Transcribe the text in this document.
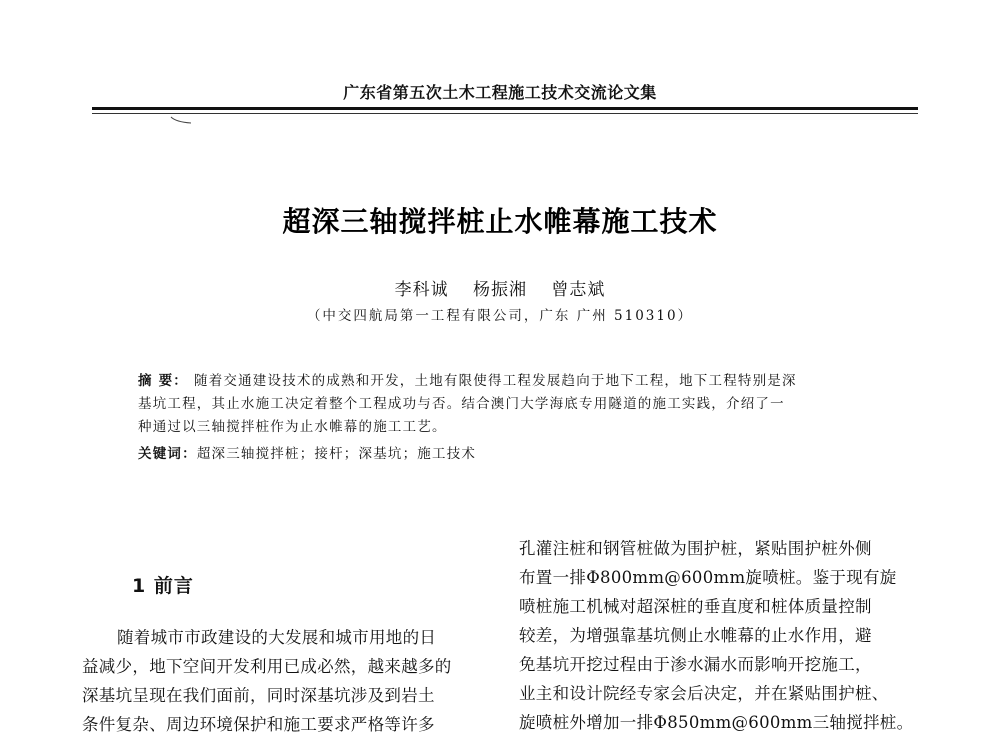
广东省第五次土木工程施工技术交流论文集
超深三轴搅拌桩止水帷幕施工技术
李科诚 杨振湘 曾志斌
（中交四航局第一工程有限公司，广东 广州 510310）
摘 要： 随着交通建设技术的成熟和开发，土地有限使得工程发展趋向于地下工程，地下工程特别是深
基坑工程，其止水施工决定着整个工程成功与否。结合澳门大学海底专用隧道的施工实践，介绍了一
种通过以三轴搅拌桩作为止水帷幕的施工工艺。
关键词：超深三轴搅拌桩；接杆；深基坑；施工技术
1 前言
随着城市市政建设的大发展和城市用地的日
益减少，地下空间开发利用已成必然，越来越多的
深基坑呈现在我们面前，同时深基坑涉及到岩土
条件复杂、周边环境保护和施工要求严格等许多
孔灌注桩和钢管桩做为围护桩，紧贴围护桩外侧
布置一排Φ800mm@600mm旋喷桩。鉴于现有旋
喷桩施工机械对超深桩的垂直度和桩体质量控制
较差，为增强靠基坑侧止水帷幕的止水作用，避
免基坑开挖过程由于渗水漏水而影响开挖施工，
业主和设计院经专家会后决定，并在紧贴围护桩、
旋喷桩外增加一排Φ850mm@600mm三轴搅拌桩。
